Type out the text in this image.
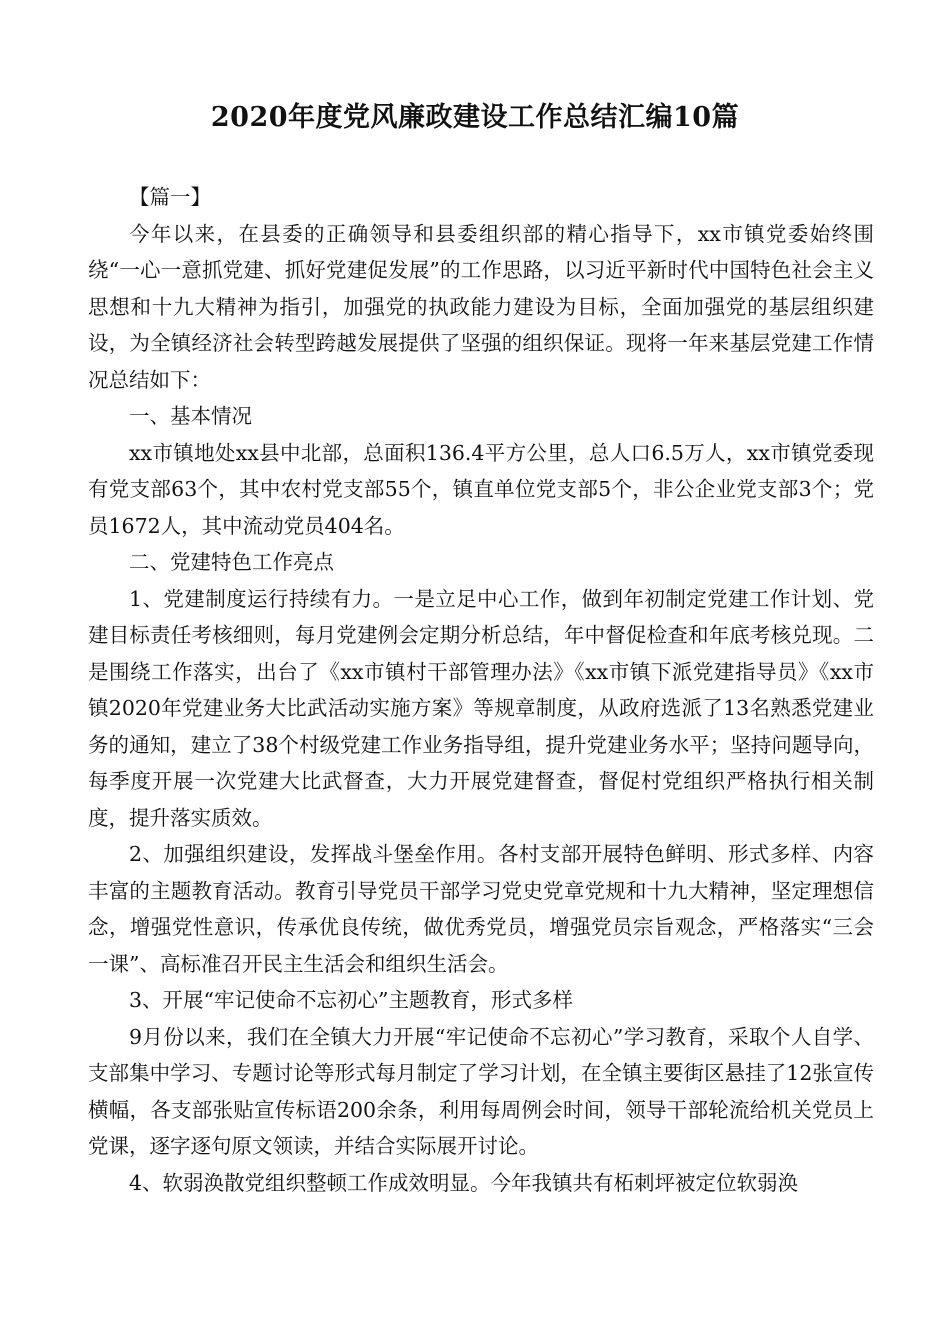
2020年度党风廉政建设工作总结汇编10篇

【篇一】

今年以来，在县委的正确领导和县委组织部的精心指导下，xx市镇党委始终围绕“一心一意抓党建、抓好党建促发展”的工作思路，以习近平新时代中国特色社会主义思想和十九大精神为指引，加强党的执政能力建设为目标，全面加强党的基层组织建设，为全镇经济社会转型跨越发展提供了坚强的组织保证。现将一年来基层党建工作情况总结如下：

一、基本情况

xx市镇地处xx县中北部，总面积136.4平方公里，总人口6.5万人，xx市镇党委现有党支部63个，其中农村党支部55个，镇直单位党支部5个，非公企业党支部3个；党员1672人，其中流动党员404名。

二、党建特色工作亮点

1、党建制度运行持续有力。一是立足中心工作，做到年初制定党建工作计划、党建目标责任考核细则，每月党建例会定期分析总结，年中督促检查和年底考核兑现。二是围绕工作落实，出台了《xx市镇村干部管理办法》《xx市镇下派党建指导员》《xx市镇2020年党建业务大比武活动实施方案》等规章制度，从政府选派了13名熟悉党建业务的通知，建立了38个村级党建工作业务指导组，提升党建业务水平；坚持问题导向，每季度开展一次党建大比武督查，大力开展党建督查，督促村党组织严格执行相关制度，提升落实质效。

2、加强组织建设，发挥战斗堡垒作用。各村支部开展特色鲜明、形式多样、内容丰富的主题教育活动。教育引导党员干部学习党史党章党规和十九大精神，坚定理想信念，增强党性意识，传承优良传统，做优秀党员，增强党员宗旨观念，严格落实“三会一课”、高标准召开民主生活会和组织生活会。

3、开展“牢记使命不忘初心”主题教育，形式多样

9月份以来，我们在全镇大力开展“牢记使命不忘初心”学习教育，采取个人自学、支部集中学习、专题讨论等形式每月制定了学习计划，在全镇主要街区悬挂了12张宣传横幅，各支部张贴宣传标语200余条，利用每周例会时间，领导干部轮流给机关党员上党课，逐字逐句原文领读，并结合实际展开讨论。

4、软弱涣散党组织整顿工作成效明显。今年我镇共有柘刺坪被定位软弱涣
